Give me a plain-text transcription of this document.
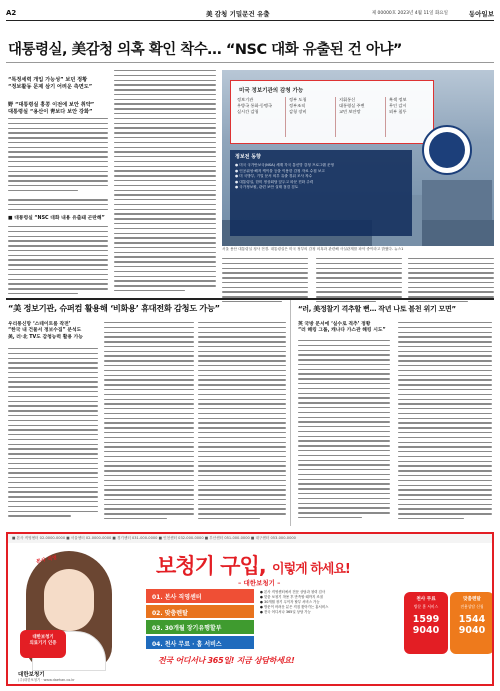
A2	美 감청 기밀문건 유출	제 00000호 2023년 4월 11일 화요일	동아일보
대통령실, 美감청 의혹 확인 착수… “NSC 대화 유출된 건 아냐”
“특정세력 개입 가능성” 보던 정황
“정보활동 문제 삼기 어려운 측면도”
野 “대통령실 홍콩 이전에 보안 취약”
대통령실 “용산이 靑보다 보안 강화”
■ 대통령실 “NSC 대화 내용 유출돼 곤란해”
미국 정보기관의 감청 가능
정보기관
우방국 통화·동맹국
실시간 감청
정부 도청
정부조직
감청 장비
지휘통신
대통령실 주변
교민 보안망
흑색 정보
무인 감시
외부 침투
정보전 동향
● 미국 국가안보국(NSA) 세계 각국 통신망 감청 프로그램 운영
● 인공위성·해저 케이블 등을 이용한 감청 자료 수집 보고
● 미 국방부, 기밀 문서 외부 유출 경위 조사 착수
● 대통령실, 한미 정상회담 앞두고 파문 진화 주력
● 국가정보원, 관련 보안 실태 점검 검토
서울 용산 대통령실 청사 전경. 대통령실은 미국 정부의 감청 의혹과 관련해 사실관계를 파악 중이라고 밝혔다. 뉴스1
“美 정보기관, 슈퍼컴 활용해 ‘비화용’ 휴대전화 감청도 가능”	“러, 美정찰기 격추할 뻔… 작년 나토 블천 위기 모면”
우리통신망 ‘스테이트룸 작전’
“한국 내 건물서 정보수집” 분석도
美, 러·北 TV도 감청능력 활용 가능
英 국방 문서에 ‘실수로 격추’ 정황
“러 해킹 그룹, 캐나다 가스관 해킹 시도”
■ 본사 직영센터 02-0000-0000 ■ 서울센터 02-0000-0000 ■ 경기센터 031-000-0000 ■ 인천센터 032-000-0000 ■ 부산센터 051-000-0000 ■ 대구센터 053-000-0000
본사 직영
대한보청기
의료기기 인증
대한보청기
(주)대한보청기 · www.daehan.co.kr
보청기 구입, 이렇게 하세요!
– 대한보청기 –
01. 본사 직영센터
02. 맞춤렌탈
03. 30개월 장기유행할부
04. 천사 무료 · 홈 서비스
● 본사 직영센터에서 전문 상담과 청력 검사
● 맞춤 보청기 착용 후 만족할 때까지 조절
● 30개월 장기 무이자 할부 서비스 가능
● 방문이 어려운 분은 직접 찾아가는 홈서비스
● 전국 어디서나 365일 상담 가능
전국 어디서나 365일! 지금 상담하세요!
천사 무료
방문 홈 서비스
1599
9040
맞춤렌탈
전용상담 신청
1544
9040
